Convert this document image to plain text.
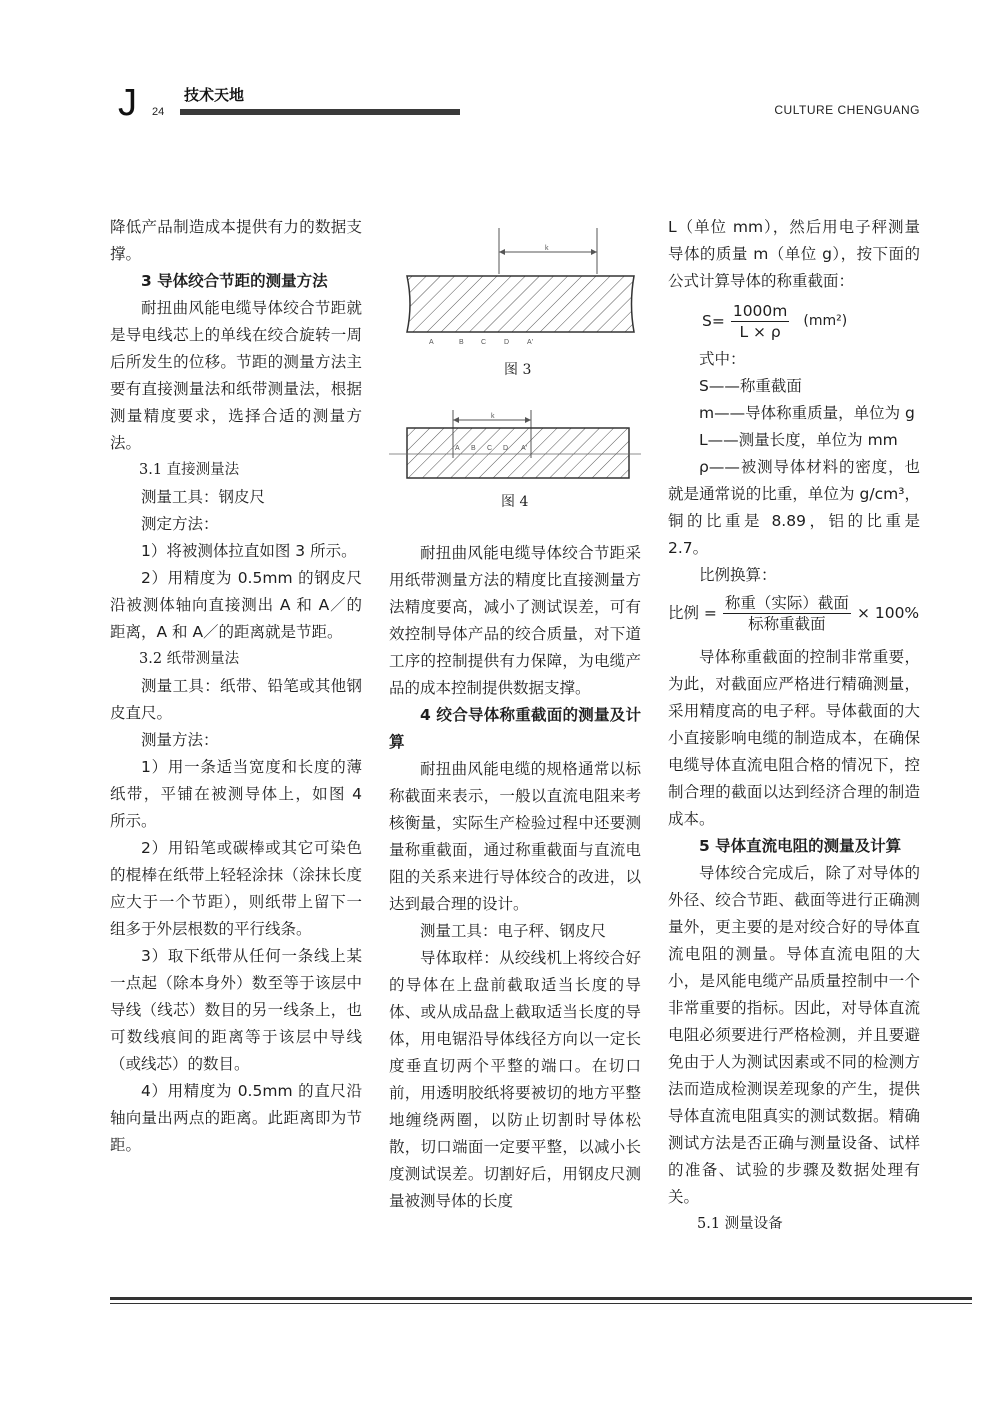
J 24
技术天地
CULTURE CHENGUANG

降低产品制造成本提供有力的数据支撑。

3 导体绞合节距的测量方法

耐扭曲风能电缆导体绞合节距就是导电线芯上的单线在绞合旋转一周后所发生的位移。节距的测量方法主要有直接测量法和纸带测量法，根据测量精度要求，选择合适的测量方法。

3.1 直接测量法

测量工具：钢皮尺

测定方法：

1）将被测体拉直如图 3 所示。

2）用精度为 0.5mm 的钢皮尺沿被测体轴向直接测出 A 和 A／的距离，A 和 A／的距离就是节距。

3.2 纸带测量法

测量工具：纸带、铅笔或其他钢皮直尺。

测量方法：

1）用一条适当宽度和长度的薄纸带，平铺在被测导体上，如图 4 所示。

2）用铅笔或碳棒或其它可染色的棍棒在纸带上轻轻涂抹（涂抹长度应大于一个节距），则纸带上留下一组多于外层根数的平行线条。

3）取下纸带从任何一条线上某一点起（除本身外）数至等于该层中导线（线芯）数目的另一线条上，也可数线痕间的距离等于该层中导线（或线芯）的数目。

4）用精度为 0.5mm 的直尺沿轴向量出两点的距离。此距离即为节距。

k
A	B C	D	A'
图 3
k
A B C D A'
图 4

耐扭曲风能电缆导体绞合节距采用纸带测量方法的精度比直接测量方法精度要高，减小了测试误差，可有效控制导体产品的绞合质量，对下道工序的控制提供有力保障，为电缆产品的成本控制提供数据支撑。

4 绞合导体称重截面的测量及计算

耐扭曲风能电缆的规格通常以标称截面来表示，一般以直流电阻来考核衡量，实际生产检验过程中还要测量称重截面，通过称重截面与直流电阻的关系来进行导体绞合的改进，以达到最合理的设计。

测量工具：电子秤、钢皮尺

导体取样：从绞线机上将绞合好的导体在上盘前截取适当长度的导体、或从成品盘上截取适当长度的导体，用电锯沿导体线径方向以一定长度垂直切两个平整的端口。在切口前，用透明胶纸将要被切的地方平整地缠绕两圈，以防止切割时导体松散，切口端面一定要平整，以减小长度测试误差。切割好后，用钢皮尺测量被测导体的长度

L（单位 mm），然后用电子秤测量导体的质量 m（单位 g），按下面的公式计算导体的称重截面：

$S= \frac{1000m}{L \times \rho} (mm^2)$

式中：

S——称重截面

m——导体称重质量，单位为 g

L——测量长度，单位为 mm

ρ——被测导体材料的密度，也就是通常说的比重，单位为 g/cm³，铜的比重是 8.89，铝的比重是 2.7。

比例换算：

比例 = $\frac{\text{称重（实际）截面}}{\text{标称重截面}} \times 100\%$

导体称重截面的控制非常重要，为此，对截面应严格进行精确测量，采用精度高的电子秤。导体截面的大小直接影响电缆的制造成本，在确保电缆导体直流电阻合格的情况下，控制合理的截面以达到经济合理的制造成本。

5 导体直流电阻的测量及计算

导体绞合完成后，除了对导体的外径、绞合节距、截面等进行正确测量外，更主要的是对绞合好的导体直流电阻的测量。导体直流电阻的大小，是风能电缆产品质量控制中一个非常重要的指标。因此，对导体直流电阻必须要进行严格检测，并且要避免由于人为测试因素或不同的检测方法而造成检测误差现象的产生，提供导体直流电阻真实的测试数据。精确测试方法是否正确与测量设备、试样的准备、试验的步骤及数据处理有关。

5.1 测量设备
